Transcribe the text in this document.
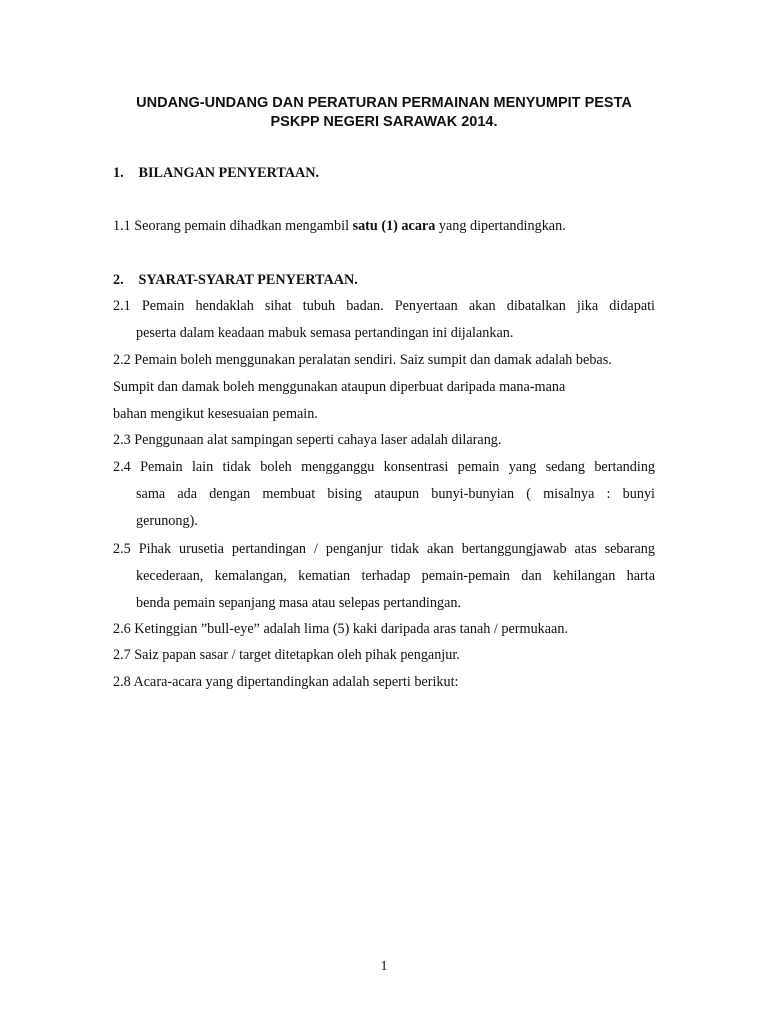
UNDANG-UNDANG DAN PERATURAN PERMAINAN MENYUMPIT PESTA
PSKPP NEGERI SARAWAK 2014.
1. BILANGAN PENYERTAAN.
1.1 Seorang pemain dihadkan mengambil satu (1) acara yang dipertandingkan.
2. SYARAT-SYARAT PENYERTAAN.
2.1 Pemain hendaklah sihat tubuh badan. Penyertaan akan dibatalkan jika didapati
peserta dalam keadaan mabuk semasa pertandingan ini dijalankan.
2.2 Pemain boleh menggunakan peralatan sendiri. Saiz sumpit dan damak adalah bebas.
Sumpit dan damak boleh menggunakan ataupun diperbuat daripada mana-mana
bahan mengikut kesesuaian pemain.
2.3 Penggunaan alat sampingan seperti cahaya laser adalah dilarang.
2.4 Pemain lain tidak boleh mengganggu konsentrasi pemain yang sedang bertanding
sama ada dengan membuat bising ataupun bunyi-bunyian ( misalnya : bunyi
gerunong).
2.5 Pihak urusetia pertandingan / penganjur tidak akan bertanggungjawab atas sebarang
kecederaan, kemalangan, kematian terhadap pemain-pemain dan kehilangan harta
benda pemain sepanjang masa atau selepas pertandingan.
2.6 Ketinggian ”bull-eye” adalah lima (5) kaki daripada aras tanah / permukaan.
2.7 Saiz papan sasar / target ditetapkan oleh pihak penganjur.
2.8 Acara-acara yang dipertandingkan adalah seperti berikut:
1
